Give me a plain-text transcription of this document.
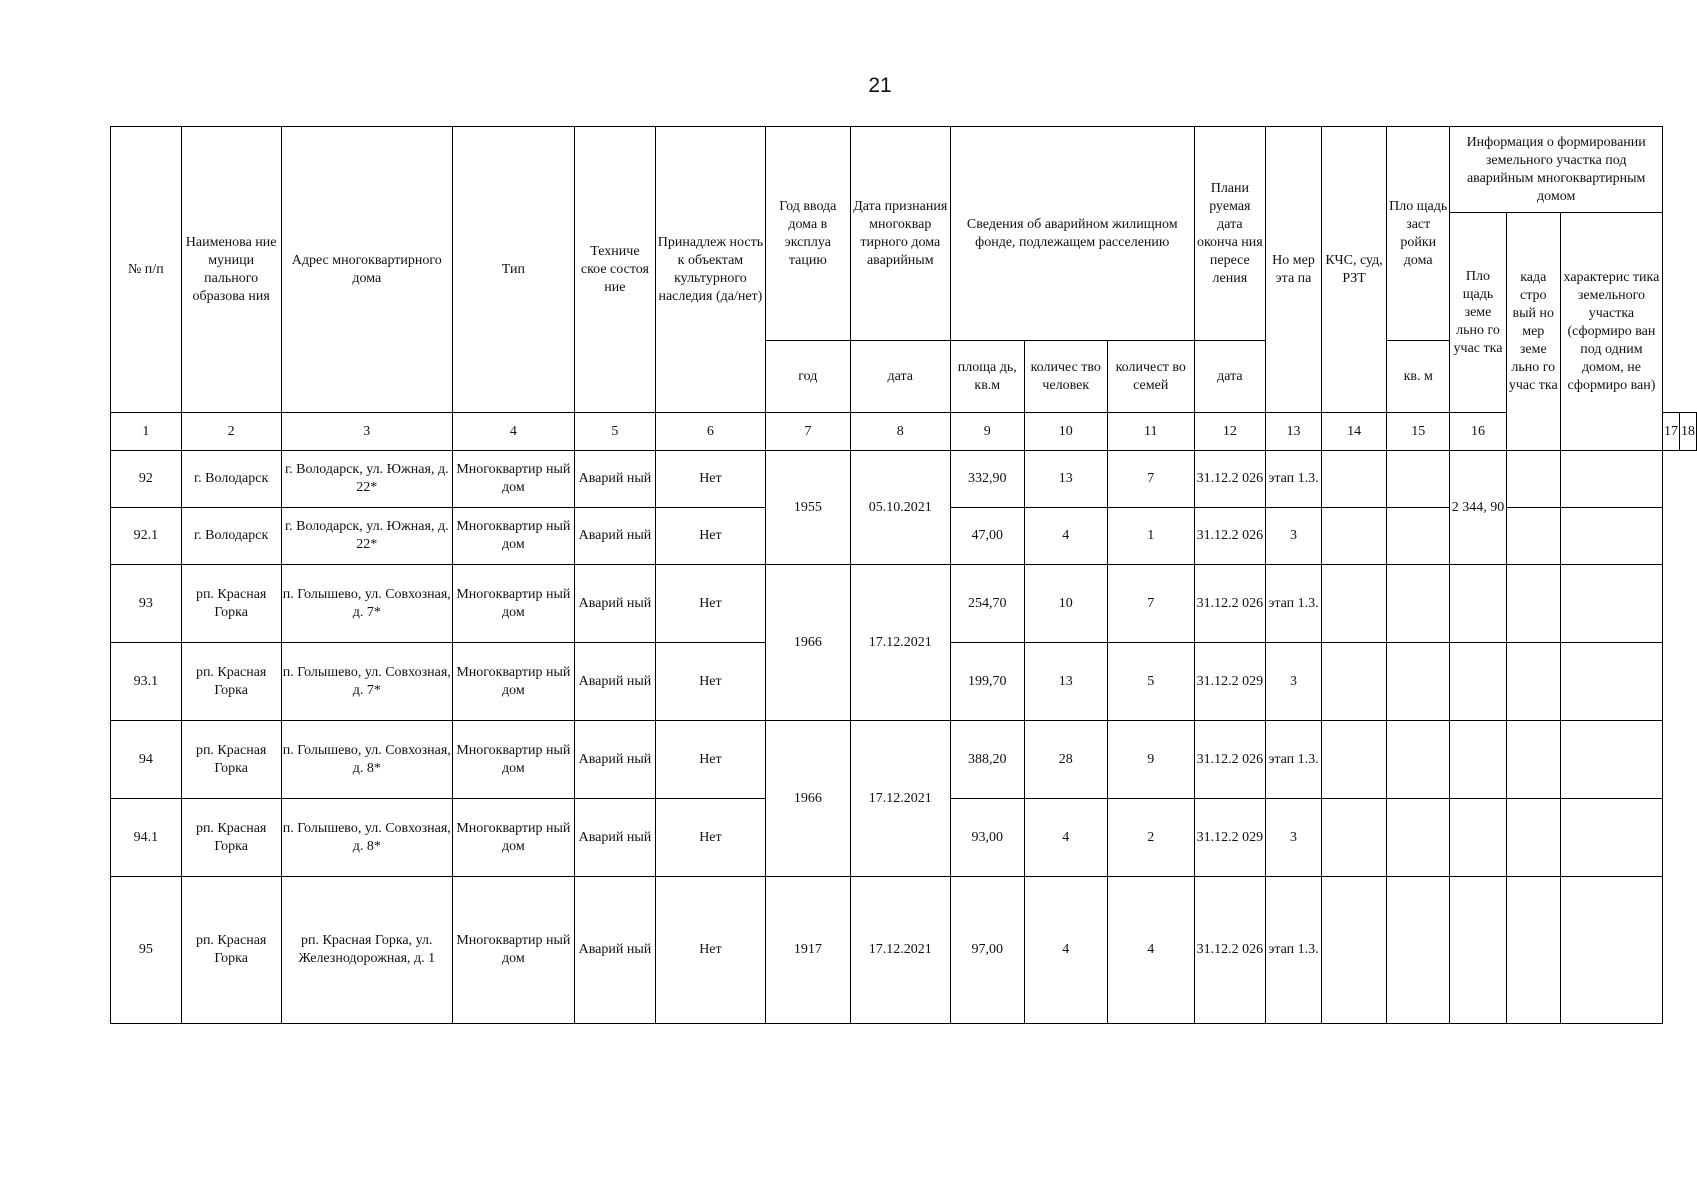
21
№ п/п	Наименова ние муници пального образова ния	Адрес многоквартирного дома	Тип	Техниче ское состоя ние	Принадлеж ность к объектам культурного наследия (да/нет)	Год ввода дома в эксплуа тацию	Дата признания многоквар тирного дома аварийным	Сведения об аварийном жилищном фонде, подлежащем расселению			Плани руемая дата оконча ния пересе ления	Но мер эта па	КЧС, суд, РЗТ	Пло щадь заст ройки дома	Информация о формировании земельного участка под аварийным многоквартирным домом				
															Пло щадь земе льно го учас тка	када стро вый но мер земе льно го учас тка	характерис тика земельного участка (сформиро ван под одним домом, не сформиро ван)		
						год	дата	площа дь, кв.м	количес тво человек	количест во семей	дата			кв. м					
1	2	3	4	5	6	7	8	9	10	11	12	13	14	15	16			17	18
92	г. Володарск	г. Володарск, ул. Южная, д. 22*	Многоквартир ный дом	Аварий ный	Нет	1955	05.10.2021	332,90	13	7	31.12.2 026	этап 1.3.			2 344, 90				
92.1	г. Володарск	г. Володарск, ул. Южная, д. 22*	Многоквартир ный дом	Аварий ный	Нет			47,00	4	1	31.12.2 026	3							
93	рп. Красная Горка	п. Голышево, ул. Совхозная, д. 7*	Многоквартир ный дом	Аварий ный	Нет	1966	17.12.2021	254,70	10	7	31.12.2 026	этап 1.3.							
93.1	рп. Красная Горка	п. Голышево, ул. Совхозная, д. 7*	Многоквартир ный дом	Аварий ный	Нет			199,70	13	5	31.12.2 029	3							
94	рп. Красная Горка	п. Голышево, ул. Совхозная, д. 8*	Многоквартир ный дом	Аварий ный	Нет	1966	17.12.2021	388,20	28	9	31.12.2 026	этап 1.3.							
94.1	рп. Красная Горка	п. Голышево, ул. Совхозная, д. 8*	Многоквартир ный дом	Аварий ный	Нет			93,00	4	2	31.12.2 029	3							
95	рп. Красная Горка	рп. Красная Горка, ул. Железнодорожная, д. 1	Многоквартир ный дом	Аварий ный	Нет	1917	17.12.2021	97,00	4	4	31.12.2 026	этап 1.3.							
